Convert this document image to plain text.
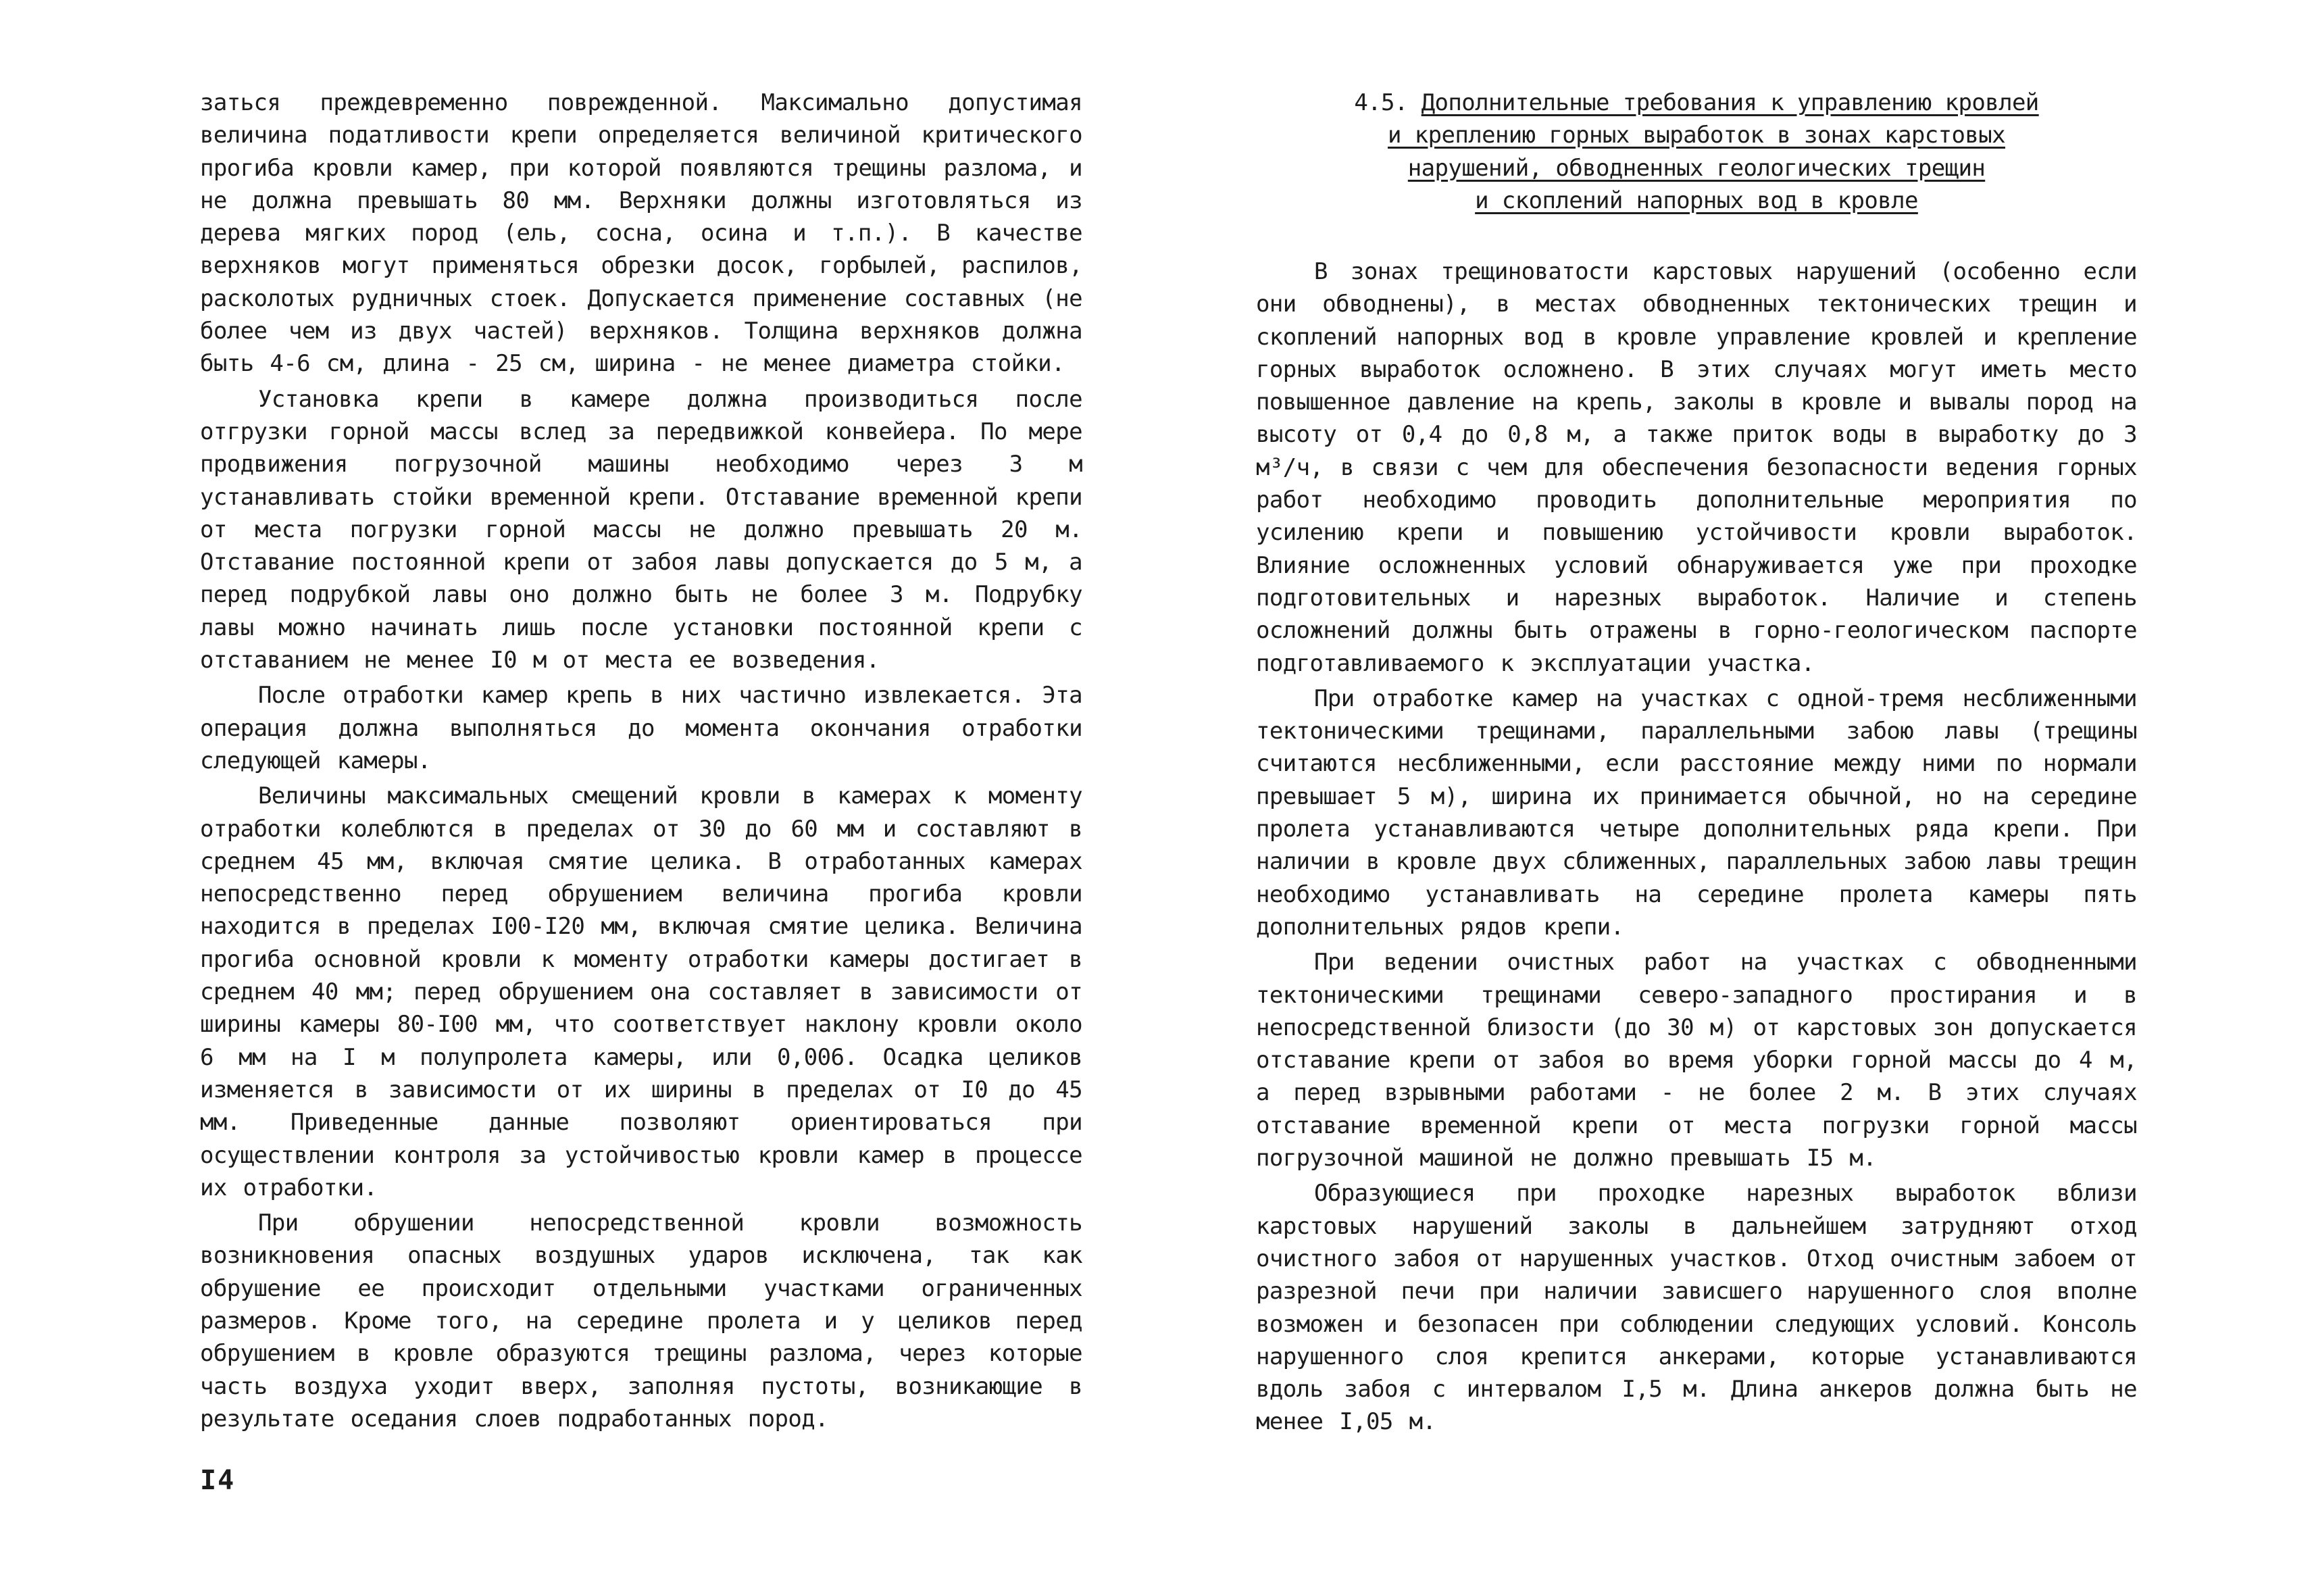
заться преждевременно поврежденной. Максимально допустимая величина податливости крепи определяется величиной критического прогиба кровли камер, при которой появляются трещины разлома, и не должна превышать 80 мм. Верхняки должны изготовляться из дерева мягких пород (ель, сосна, осина и т.п.). В качестве верхняков могут применяться обрезки досок, горбылей, распилов, расколотых рудничных стоек. Допускается применение составных (не более чем из двух частей) верхняков. Толщина верхняков должна быть 4-6 см, длина - 25 см, ширина - не менее диаметра стойки.

Установка крепи в камере должна производиться после отгрузки горной массы вслед за передвижкой конвейера. По мере продвижения погрузочной машины необходимо через 3 м устанавливать стойки временной крепи. Отставание временной крепи от места погрузки горной массы не должно превышать 20 м. Отставание постоянной крепи от забоя лавы допускается до 5 м, а перед подрубкой лавы оно должно быть не более 3 м. Подрубку лавы можно начинать лишь после установки постоянной крепи с отставанием не менее I0 м от места ее возведения.

После отработки камер крепь в них частично извлекается. Эта операция должна выполняться до момента окончания отработки следующей камеры.

Величины максимальных смещений кровли в камерах к моменту отработки колеблются в пределах от 30 до 60 мм и составляют в среднем 45 мм, включая смятие целика. В отработанных камерах непосредственно перед обрушением величина прогиба кровли находится в пределах I00-I20 мм, включая смятие целика. Величина прогиба основной кровли к моменту отработки камеры достигает в среднем 40 мм; перед обрушением она составляет в зависимости от ширины камеры 80-I00 мм, что соответствует наклону кровли около 6 мм на I м полупролета камеры, или 0,006. Осадка целиков изменяется в зависимости от их ширины в пределах от I0 до 45 мм. Приведенные данные позволяют ориентироваться при осуществлении контроля за устойчивостью кровли камер в процессе их отработки.

При обрушении непосредственной кровли возможность возникновения опасных воздушных ударов исключена, так как обрушение ее происходит отдельными участками ограниченных размеров. Кроме того, на середине пролета и у целиков перед обрушением в кровле образуются трещины разлома, через которые часть воздуха уходит вверх, заполняя пустоты, возникающие в результате оседания слоев подработанных пород.

I4
4.5. Дополнительные требования к управлению кровлей
и креплению горных выработок в зонах карстовых
нарушений, обводненных геологических трещин
и скоплений напорных вод в кровле

В зонах трещиноватости карстовых нарушений (особенно если они обводнены), в местах обводненных тектонических трещин и скоплений напорных вод в кровле управление кровлей и крепление горных выработок осложнено. В этих случаях могут иметь место повышенное давление на крепь, заколы в кровле и вывалы пород на высоту от 0,4 до 0,8 м, а также приток воды в выработку до 3 м³/ч, в связи с чем для обеспечения безопасности ведения горных работ необходимо проводить дополнительные мероприятия по усилению крепи и повышению устойчивости кровли выработок. Влияние осложненных условий обнаруживается уже при проходке подготовительных и нарезных выработок. Наличие и степень осложнений должны быть отражены в горно-геологическом паспорте подготавливаемого к эксплуатации участка.

При отработке камер на участках с одной-тремя несближенными тектоническими трещинами, параллельными забою лавы (трещины считаются несближенными, если расстояние между ними по нормали превышает 5 м), ширина их принимается обычной, но на середине пролета устанавливаются четыре дополнительных ряда крепи. При наличии в кровле двух сближенных, параллельных забою лавы трещин необходимо устанавливать на середине пролета камеры пять дополнительных рядов крепи.

При ведении очистных работ на участках с обводненными тектоническими трещинами северо-западного простирания и в непосредственной близости (до 30 м) от карстовых зон допускается отставание крепи от забоя во время уборки горной массы до 4 м, а перед взрывными работами - не более 2 м. В этих случаях отставание временной крепи от места погрузки горной массы погрузочной машиной не должно превышать I5 м.

Образующиеся при проходке нарезных выработок вблизи карстовых нарушений заколы в дальнейшем затрудняют отход очистного забоя от нарушенных участков. Отход очистным забоем от разрезной печи при наличии зависшего нарушенного слоя вполне возможен и безопасен при соблюдении следующих условий. Консоль нарушенного слоя крепится анкерами, которые устанавливаются вдоль забоя с интервалом I,5 м. Длина анкеров должна быть не менее I,05 м.
